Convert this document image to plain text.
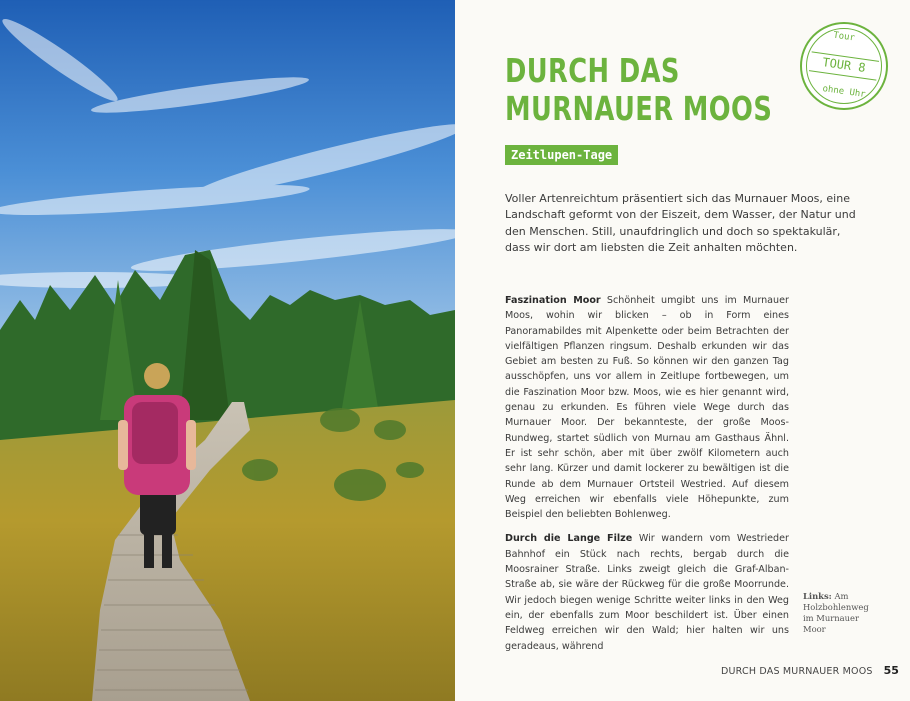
Tour
TOUR 8
ohne Uhr
DURCH DAS
MURNAUER MOOS
Zeitlupen-Tage

Voller Artenreichtum präsentiert sich das Murnauer Moos, eine Landschaft geformt von der Eiszeit, dem Wasser, der Natur und den Menschen. Still, unaufdringlich und doch so spektakulär, dass wir dort am liebsten die Zeit anhalten möchten.

Faszination Moor Schönheit umgibt uns im Murnauer Moos, wohin wir blicken – ob in Form eines Panoramabildes mit Alpenkette oder beim Betrachten der vielfältigen Pflanzen ringsum. Deshalb erkunden wir das Gebiet am besten zu Fuß. So können wir den ganzen Tag ausschöpfen, uns vor allem in Zeitlupe fortbewegen, um die Faszination Moor bzw. Moos, wie es hier genannt wird, genau zu erkunden. Es führen viele Wege durch das Murnauer Moor. Der bekannteste, der große Moos-Rundweg, startet südlich von Murnau am Gasthaus Ähnl. Er ist sehr schön, aber mit über zwölf Kilometern auch sehr lang. Kürzer und damit lockerer zu bewältigen ist die Runde ab dem Murnauer Ortsteil Westried. Auf diesem Weg erreichen wir ebenfalls viele Höhepunkte, zum Beispiel den beliebten Bohlenweg.

Durch die Lange Filze Wir wandern vom Westrieder Bahnhof ein Stück nach rechts, bergab durch die Moosrainer Straße. Links zweigt gleich die Graf-Alban-Straße ab, sie wäre der Rückweg für die große Moorrunde. Wir jedoch biegen wenige Schritte weiter links in den Weg ein, der ebenfalls zum Moor beschildert ist. Über einen Feldweg erreichen wir den Wald; hier halten wir uns geradeaus, während

Links: Am Holzbohlenweg im Murnauer Moor
DURCH DAS MURNAUER MOOS 55
